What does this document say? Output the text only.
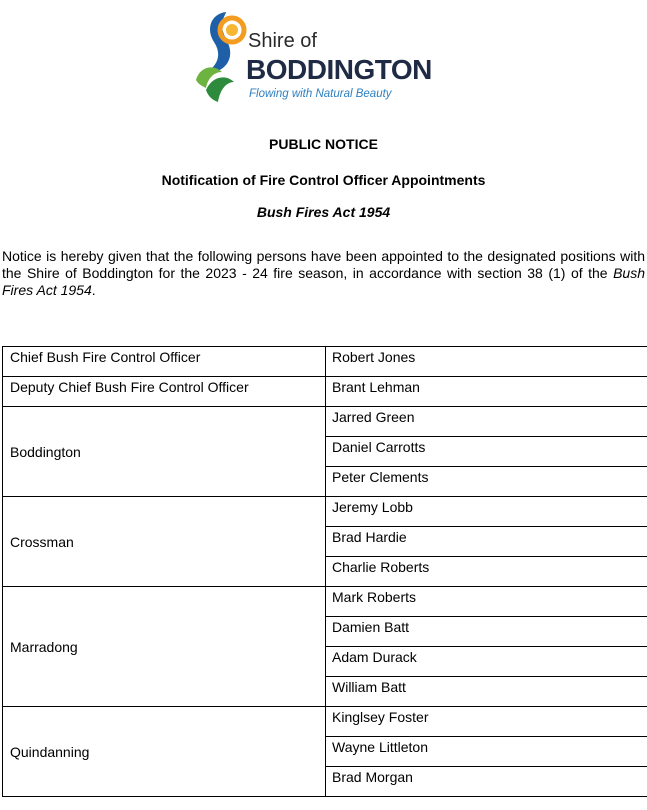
Shire of
BODDINGTON
Flowing with Natural Beauty
PUBLIC NOTICE
Notification of Fire Control Officer Appointments
Bush Fires Act 1954
Notice is hereby given that the following persons have been appointed to the designated positions with the Shire of Boddington for the 2023 - 24 fire season, in accordance with section 38 (1) of the Bush Fires Act 1954.
Chief Bush Fire Control Officer	Robert Jones
Deputy Chief Bush Fire Control Officer	Brant Lehman
Boddington	Jarred Green
	Daniel Carrotts
	Peter Clements
Crossman	Jeremy Lobb
	Brad Hardie
	Charlie Roberts
Marradong	Mark Roberts
	Damien Batt
	Adam Durack
	William Batt
Quindanning	Kinglsey Foster
	Wayne Littleton
	Brad Morgan
